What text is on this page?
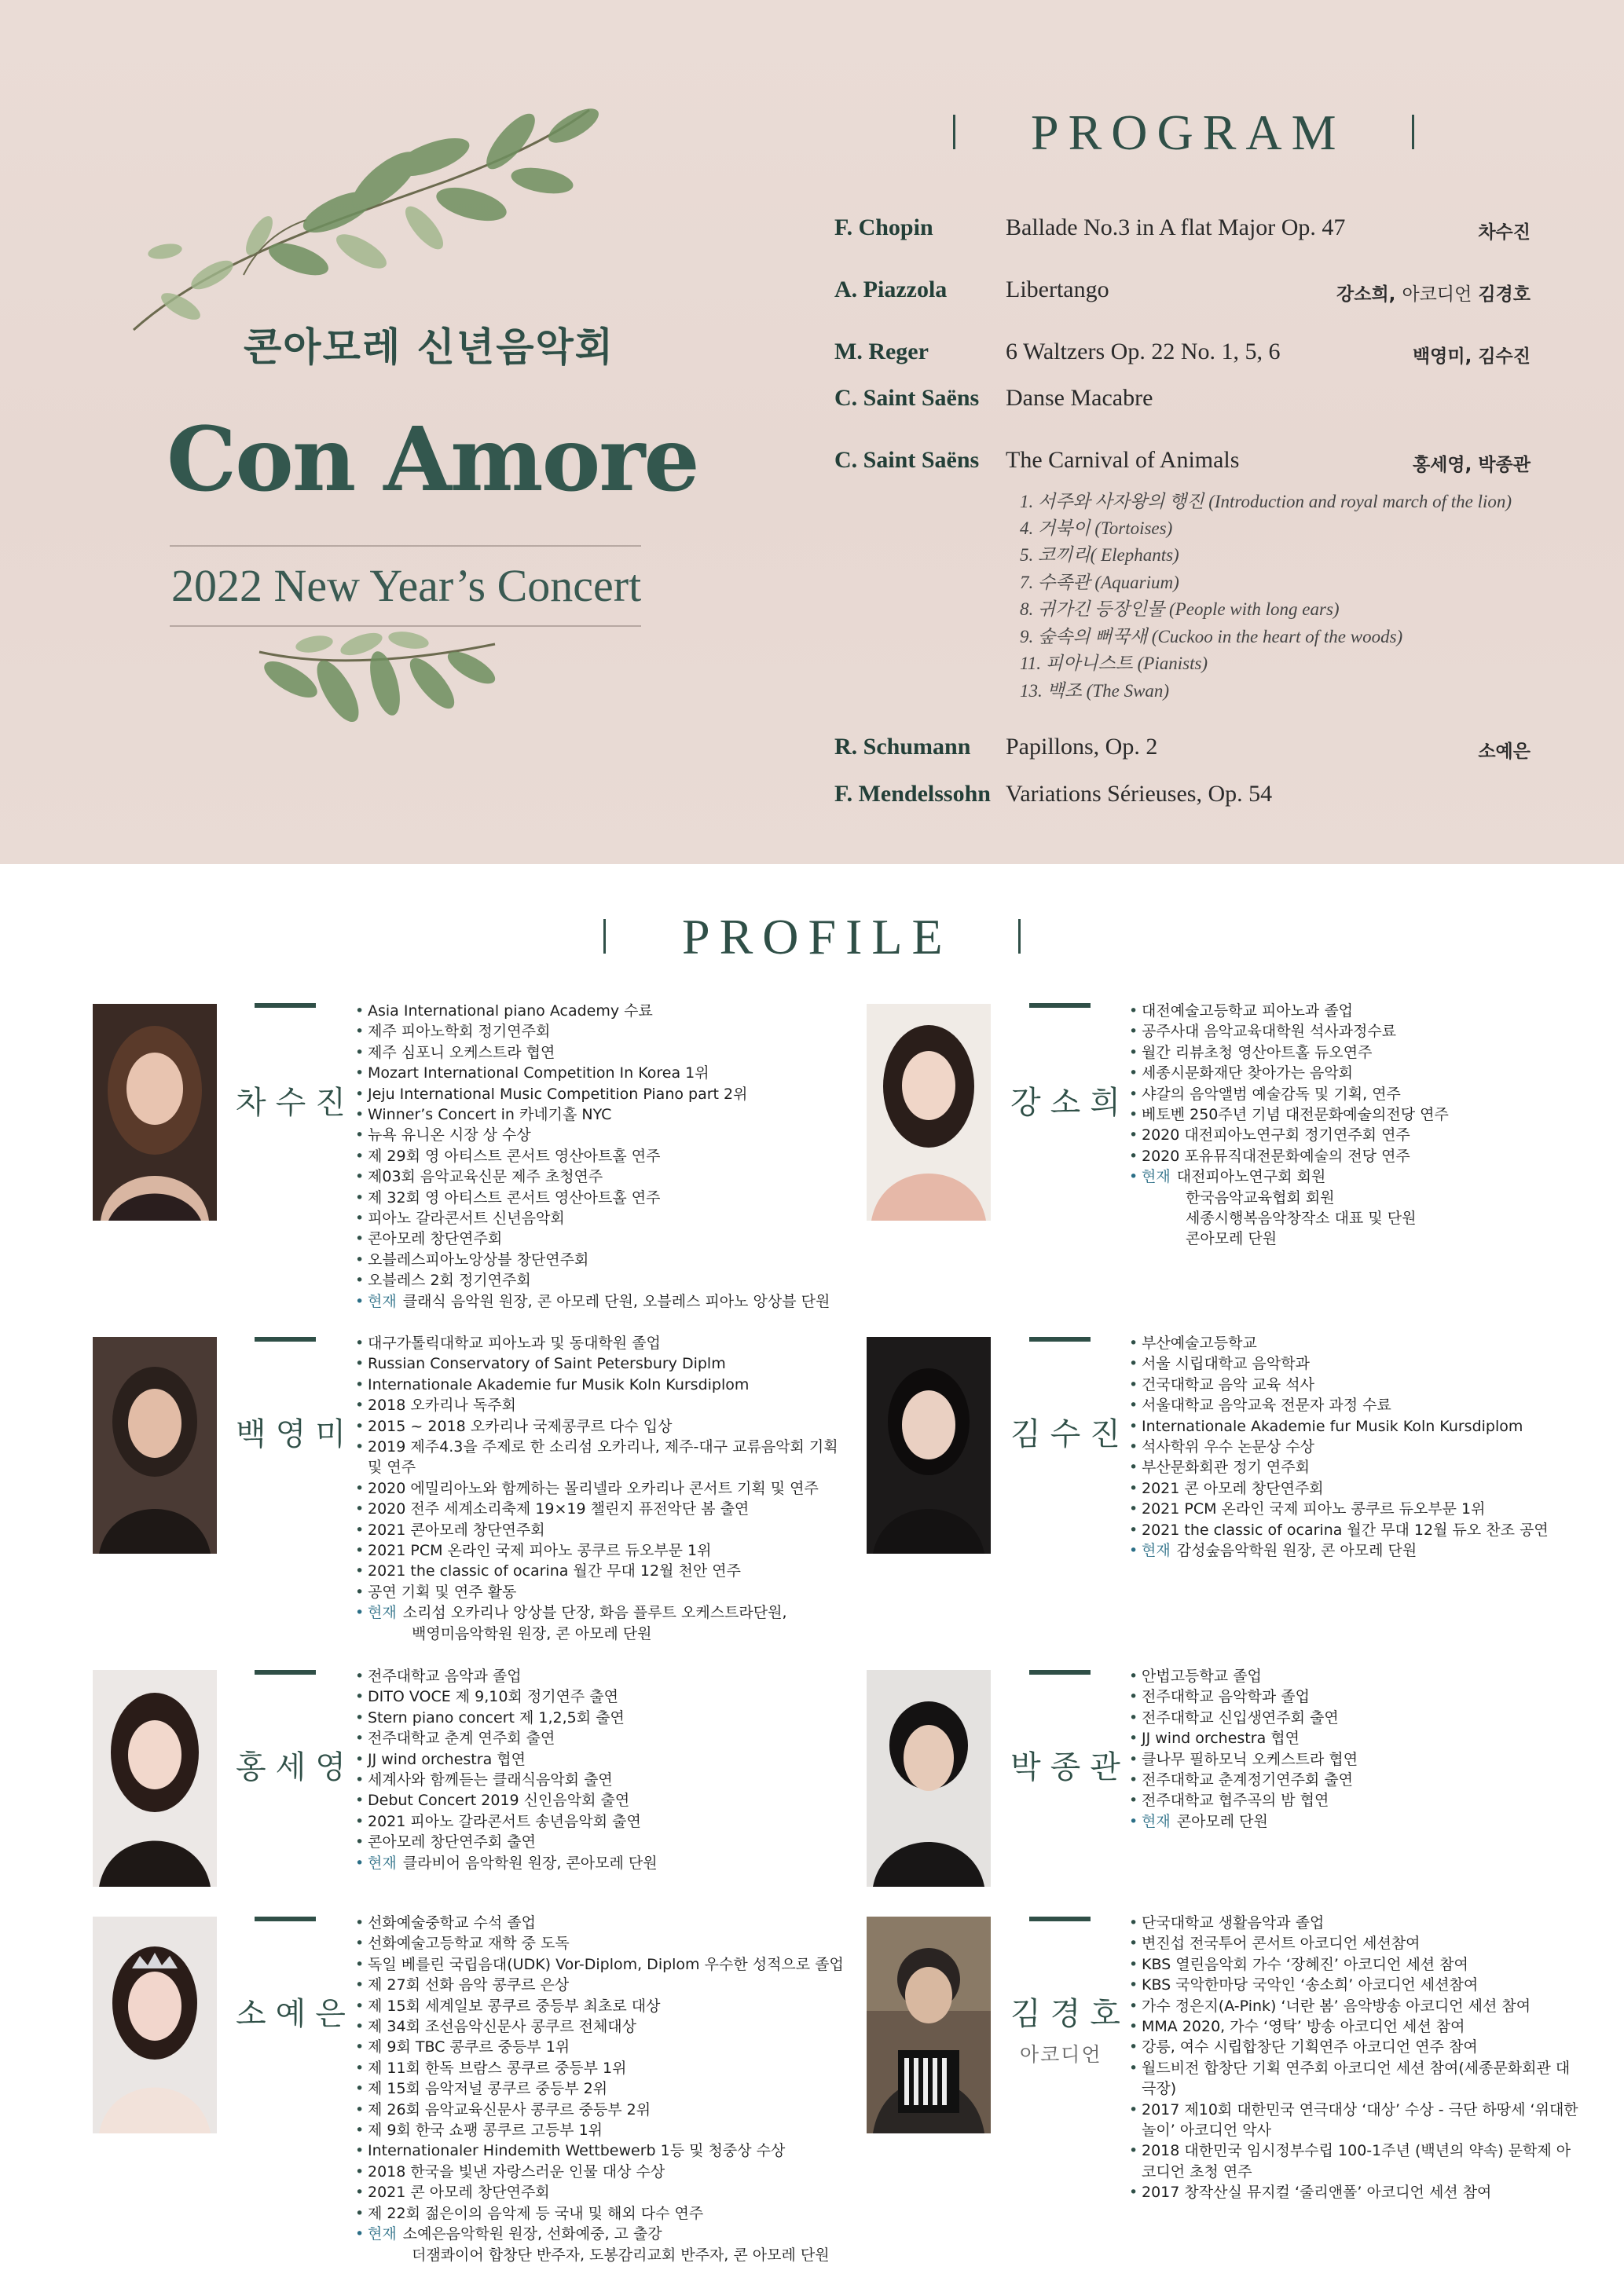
콘아모레 신년음악회
Con Amore
2022 New Year’s Concert
PROGRAM
F. Chopin	Ballade No.3 in A flat Major Op. 47	차수진
A. Piazzola Libertango	강소희, 아코디언 김경호
M. Reger	6 Waltzers Op. 22 No. 1, 5, 6	백영미, 김수진
C. Saint Saëns Danse Macabre
C. Saint Saëns The Carnival of Animals	홍세영, 박종관
1. 서주와 사자왕의 행진 (Introduction and royal march of the lion)
4. 거북이 (Tortoises)
5. 코끼리( Elephants)
7. 수족관 (Aquarium)
8. 귀가긴 등장인물 (People with long ears)
9. 숲속의 뻐꾹새 (Cuckoo in the heart of the woods)
11. 피아니스트 (Pianists)
13. 백조 (The Swan)
R. Schumann Papillons, Op. 2	소예은
F. Mendelssohn Variations Sérieuses, Op. 54
PROFILE
차수진
• Asia International piano Academy 수료
• 제주 피아노학회 정기연주회
• 제주 심포니 오케스트라 협연
• Mozart International Competition In Korea 1위
• Jeju International Music Competition Piano part 2위
• Winner’s Concert in 카네기홀 NYC
• 뉴욕 유니온 시장 상 수상
• 제 29회 영 아티스트 콘서트 영산아트홀 연주
• 제03회 음악교육신문 제주 초청연주
• 제 32회 영 아티스트 콘서트 영산아트홀 연주
• 피아노 갈라콘서트 신년음악회
• 콘아모레 창단연주회
• 오블레스피아노앙상블 창단연주회
• 오블레스 2회 정기연주회
• 현재 클래식 음악원 원장, 콘 아모레 단원, 오블레스 피아노 앙상블 단원
강소희
• 대전예술고등학교 피아노과 졸업
• 공주사대 음악교육대학원 석사과정수료
• 월간 리뷰초청 영산아트홀 듀오연주
• 세종시문화재단 찾아가는 음악회
• 샤갈의 음악앨범 예술감독 및 기획, 연주
• 베토벤 250주년 기념 대전문화예술의전당 연주
• 2020 대전피아노연구회 정기연주회 연주
• 2020 포유뮤직대전문화예술의 전당 연주
• 현재 대전피아노연구회 회원
한국음악교육협회 회원
세종시행복음악창작소 대표 및 단원
콘아모레 단원
백영미
• 대구가톨릭대학교 피아노과 및 동대학원 졸업
• Russian Conservatory of Saint Petersbury Diplm
• Internationale Akademie fur Musik Koln Kursdiplom
• 2018 오카리나 독주회
• 2015 ~ 2018 오카리나 국제콩쿠르 다수 입상
• 2019 제주4.3을 주제로 한 소리섬 오카리나, 제주-대구 교류음악회 기획 및 연주
• 2020 에밀리아노와 함께하는 몰리넬라 오카리나 콘서트 기획 및 연주
• 2020 전주 세계소리축제 19×19 챌린지 퓨전악단 봄 출연
• 2021 콘아모레 창단연주회
• 2021 PCM 온라인 국제 피아노 콩쿠르 듀오부문 1위
• 2021 the classic of ocarina 월간 무대 12월 천안 연주
• 공연 기획 및 연주 활동
• 현재 소리섬 오카리나 앙상블 단장, 화음 플루트 오케스트라단원,
백영미음악학원 원장, 콘 아모레 단원
김수진
• 부산예술고등학교
• 서울 시립대학교 음악학과
• 건국대학교 음악 교육 석사
• 서울대학교 음악교육 전문자 과정 수료
• Internationale Akademie fur Musik Koln Kursdiplom
• 석사학위 우수 논문상 수상
• 부산문화회관 정기 연주회
• 2021 콘 아모레 창단연주회
• 2021 PCM 온라인 국제 피아노 콩쿠르 듀오부문 1위
• 2021 the classic of ocarina 월간 무대 12월 듀오 찬조 공연
• 현재 감성숲음악학원 원장, 콘 아모레 단원
홍세영
• 전주대학교 음악과 졸업
• DITO VOCE 제 9,10회 정기연주 출연
• Stern piano concert 제 1,2,5회 출연
• 전주대학교 춘계 연주회 출연
• JJ wind orchestra 협연
• 세계사와 함께듣는 클래식음악회 출연
• Debut Concert 2019 신인음악회 출연
• 2021 피아노 갈라콘서트 송년음악회 출연
• 콘아모레 창단연주회 출연
• 현재 클라비어 음악학원 원장, 콘아모레 단원
박종관
• 안법고등학교 졸업
• 전주대학교 음악학과 졸업
• 전주대학교 신입생연주회 출연
• JJ wind orchestra 협연
• 클나무 필하모닉 오케스트라 협연
• 전주대학교 춘계정기연주회 출연
• 전주대학교 협주곡의 밤 협연
• 현재 콘아모레 단원
소예은
• 선화예술중학교 수석 졸업
• 선화예술고등학교 재학 중 도독
• 독일 베를린 국립음대(UDK) Vor-Diplom, Diplom 우수한 성적으로 졸업
• 제 27회 선화 음악 콩쿠르 은상
• 제 15회 세계일보 콩쿠르 중등부 최초로 대상
• 제 34회 조선음악신문사 콩쿠르 전체대상
• 제 9회 TBC 콩쿠르 중등부 1위
• 제 11회 한독 브람스 콩쿠르 중등부 1위
• 제 15회 음악저널 콩쿠르 중등부 2위
• 제 26회 음악교육신문사 콩쿠르 중등부 2위
• 제 9회 한국 쇼팽 콩쿠르 고등부 1위
• Internationaler Hindemith Wettbewerb 1등 및 청중상 수상
• 2018 한국을 빛낸 자랑스러운 인물 대상 수상
• 2021 콘 아모레 창단연주회
• 제 22회 젊은이의 음악제 등 국내 및 해외 다수 연주
• 현재 소예은음악학원 원장, 선화예중, 고 출강
더잼콰이어 합창단 반주자, 도봉감리교회 반주자, 콘 아모레 단원
김경호
아코디언
• 단국대학교 생활음악과 졸업
• 변진섭 전국투어 콘서트 아코디언 세션참여
• KBS 열린음악회 가수 ‘장혜진’ 아코디언 세션 참여
• KBS 국악한마당 국악인 ‘송소희’ 아코디언 세션참여
• 가수 정은지(A-Pink) ‘너란 봄’ 음악방송 아코디언 세션 참여
• MMA 2020, 가수 ‘영탁’ 방송 아코디언 세션 참여
• 강릉, 여수 시립합창단 기획연주 아코디언 연주 참여
• 월드비전 합창단 기획 연주회 아코디언 세션 참여(세종문화회관 대극장)
• 2017 제10회 대한민국 연극대상 ‘대상’ 수상 - 극단 하땅세 ‘위대한 놀이’ 아코디언 악사
• 2018 대한민국 임시정부수립 100-1주년 (백년의 약속) 문학제 아코디언 초청 연주
• 2017 창작산실 뮤지컬 ‘줄리앤폴’ 아코디언 세션 참여
